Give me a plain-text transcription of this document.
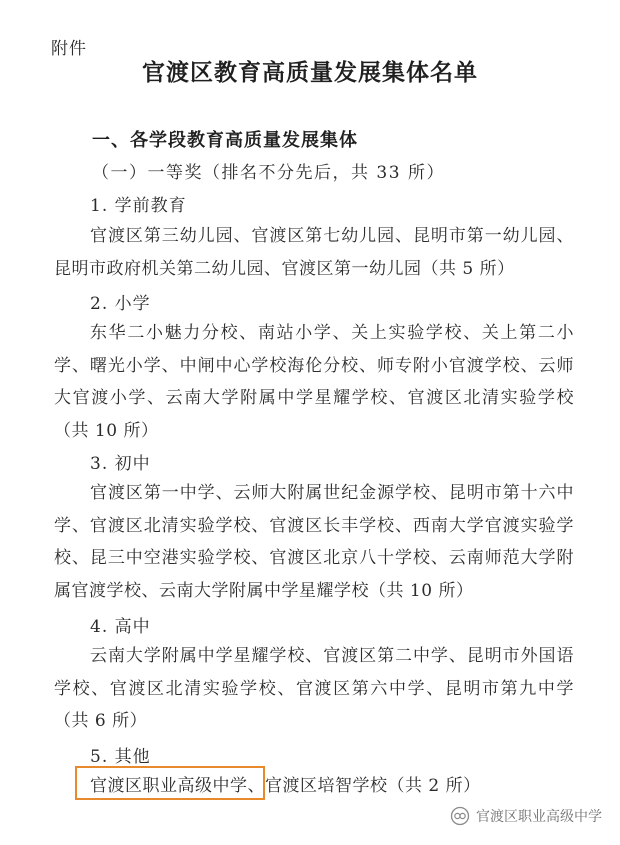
附件
官渡区教育高质量发展集体名单
一、各学段教育高质量发展集体
（一）一等奖（排名不分先后，共 33 所）
1. 学前教育
官渡区第三幼儿园、官渡区第七幼儿园、昆明市第一幼儿园、昆明市政府机关第二幼儿园、官渡区第一幼儿园（共 5 所）
2. 小学
东华二小魅力分校、南站小学、关上实验学校、关上第二小学、曙光小学、中闸中心学校海伦分校、师专附小官渡学校、云师大官渡小学、云南大学附属中学星耀学校、官渡区北清实验学校（共 10 所）
3. 初中
官渡区第一中学、云师大附属世纪金源学校、昆明市第十六中学、官渡区北清实验学校、官渡区长丰学校、西南大学官渡实验学校、昆三中空港实验学校、官渡区北京八十学校、云南师范大学附属官渡学校、云南大学附属中学星耀学校（共 10 所）
4. 高中
云南大学附属中学星耀学校、官渡区第二中学、昆明市外国语学校、官渡区北清实验学校、官渡区第六中学、昆明市第九中学（共 6 所）
5. 其他
官渡区职业高级中学、官渡区培智学校（共 2 所）
官渡区职业高级中学
